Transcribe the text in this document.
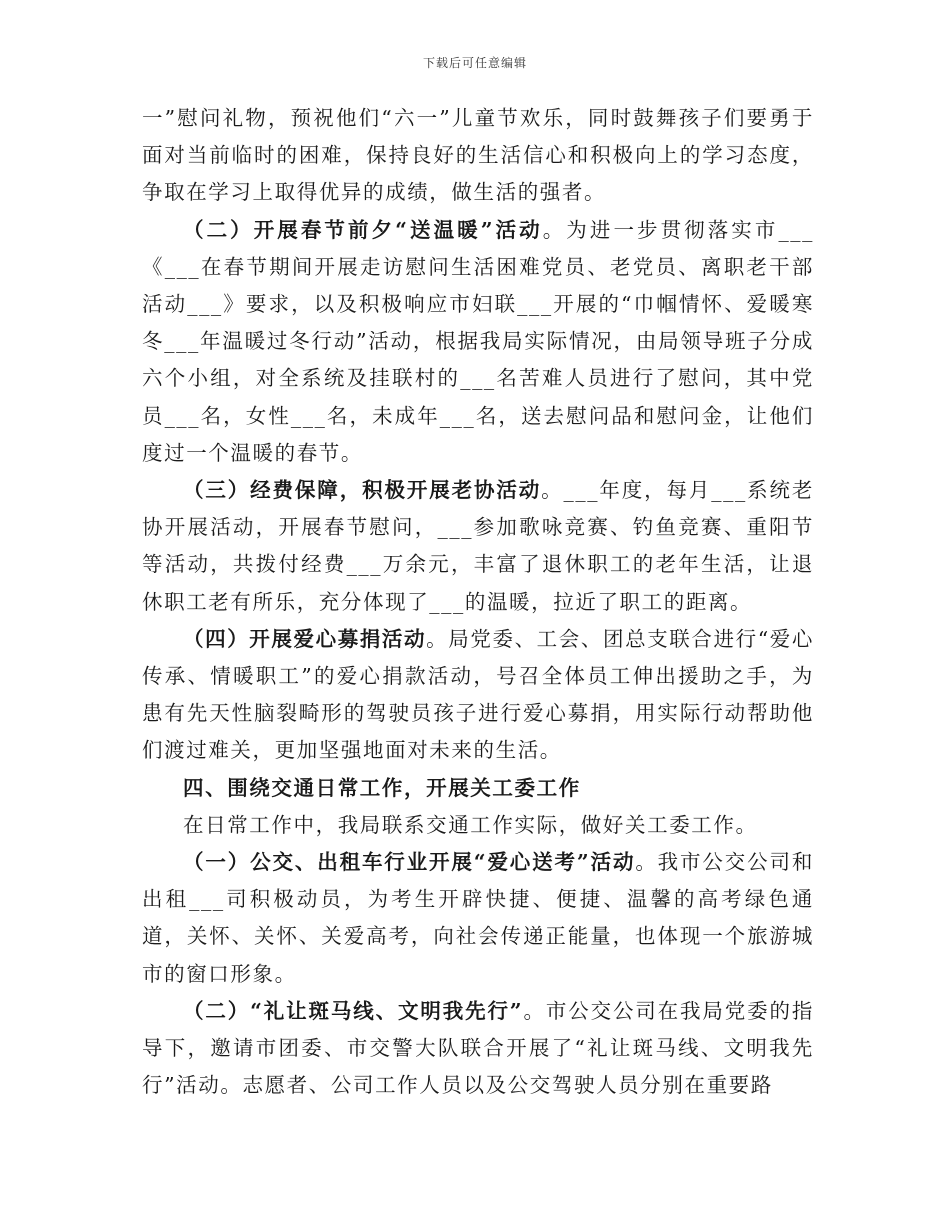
下载后可任意编辑

一”慰问礼物，预祝他们“六一”儿童节欢乐，同时鼓舞孩子们要勇于面对当前临时的困难，保持良好的生活信心和积极向上的学习态度，争取在学习上取得优异的成绩，做生活的强者。

（二）开展春节前夕“送温暖”活动。为进一步贯彻落实市___《___在春节期间开展走访慰问生活困难党员、老党员、离职老干部活动___》要求，以及积极响应市妇联___开展的“巾帼情怀、爱暖寒冬___年温暖过冬行动”活动，根据我局实际情况，由局领导班子分成六个小组，对全系统及挂联村的___名苦难人员进行了慰问，其中党员___名，女性___名，未成年___名，送去慰问品和慰问金，让他们度过一个温暖的春节。

（三）经费保障，积极开展老协活动。___年度，每月___系统老协开展活动，开展春节慰问，___参加歌咏竞赛、钓鱼竞赛、重阳节等活动，共拨付经费___万余元，丰富了退休职工的老年生活，让退休职工老有所乐，充分体现了___的温暖，拉近了职工的距离。

（四）开展爱心募捐活动。局党委、工会、团总支联合进行“爱心传承、情暖职工”的爱心捐款活动，号召全体员工伸出援助之手，为患有先天性脑裂畸形的驾驶员孩子进行爱心募捐，用实际行动帮助他们渡过难关，更加坚强地面对未来的生活。

四、围绕交通日常工作，开展关工委工作

在日常工作中，我局联系交通工作实际，做好关工委工作。

（一）公交、出租车行业开展“爱心送考”活动。我市公交公司和出租___司积极动员，为考生开辟快捷、便捷、温馨的高考绿色通道，关怀、关怀、关爱高考，向社会传递正能量，也体现一个旅游城市的窗口形象。

（二）“礼让斑马线、文明我先行”。市公交公司在我局党委的指导下，邀请市团委、市交警大队联合开展了“礼让斑马线、文明我先行”活动。志愿者、公司工作人员以及公交驾驶人员分别在重要路
